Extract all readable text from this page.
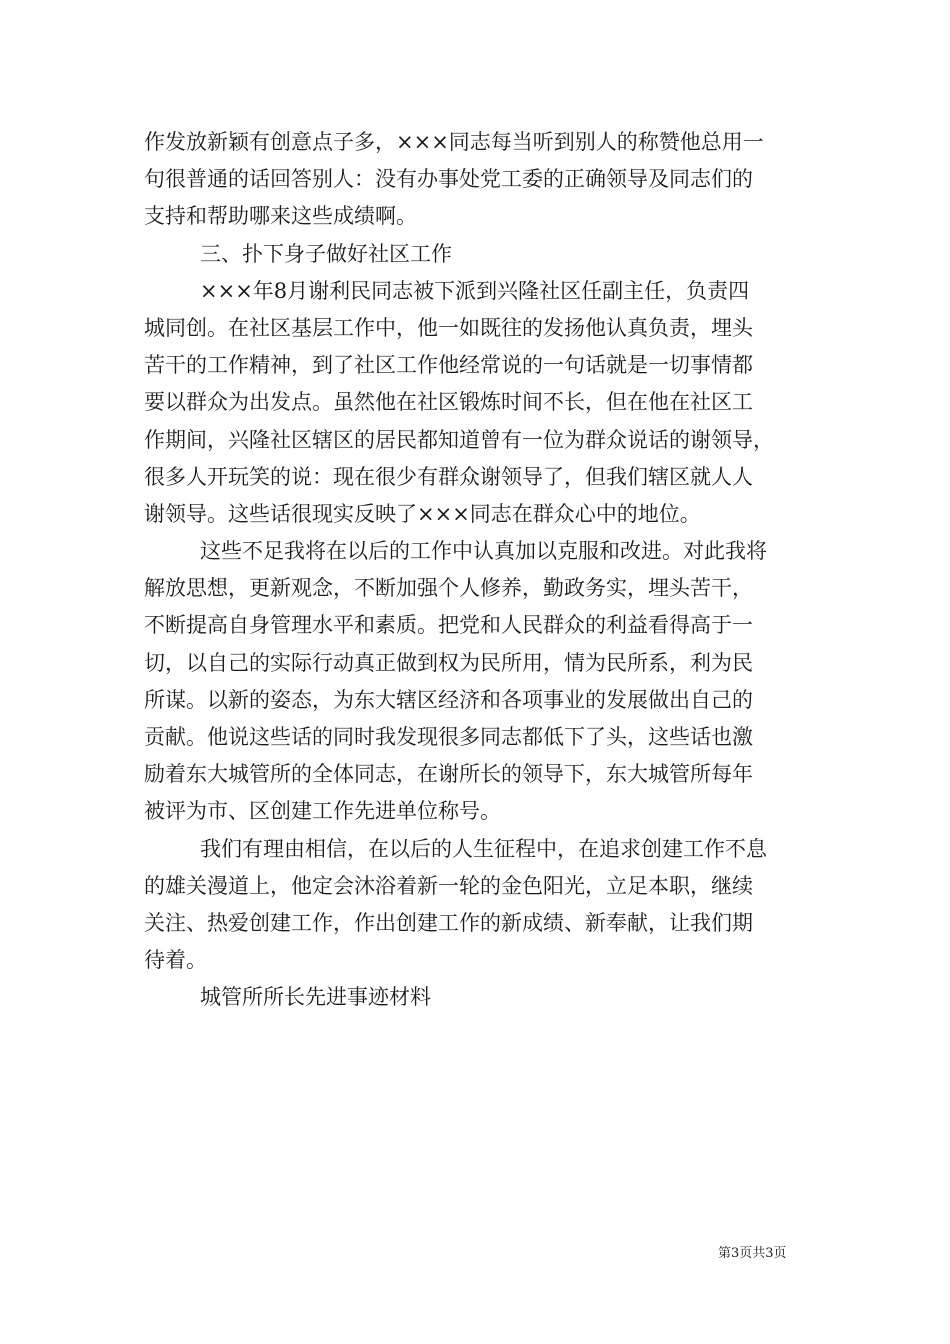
作发放新颖有创意点子多，×××同志每当听到别人的称赞他总用一

句很普通的话回答别人：没有办事处党工委的正确领导及同志们的

支持和帮助哪来这些成绩啊。

三、扑下身子做好社区工作

×××年8月谢利民同志被下派到兴隆社区任副主任，负责四

城同创。在社区基层工作中，他一如既往的发扬他认真负责，埋头

苦干的工作精神，到了社区工作他经常说的一句话就是一切事情都

要以群众为出发点。虽然他在社区锻炼时间不长，但在他在社区工

作期间，兴隆社区辖区的居民都知道曾有一位为群众说话的谢领导，

很多人开玩笑的说：现在很少有群众谢领导了，但我们辖区就人人

谢领导。这些话很现实反映了×××同志在群众心中的地位。

这些不足我将在以后的工作中认真加以克服和改进。对此我将

解放思想，更新观念，不断加强个人修养，勤政务实，埋头苦干，

不断提高自身管理水平和素质。把党和人民群众的利益看得高于一

切，以自己的实际行动真正做到权为民所用，情为民所系，利为民

所谋。以新的姿态，为东大辖区经济和各项事业的发展做出自己的

贡献。他说这些话的同时我发现很多同志都低下了头，这些话也激

励着东大城管所的全体同志，在谢所长的领导下，东大城管所每年

被评为市、区创建工作先进单位称号。

我们有理由相信，在以后的人生征程中，在追求创建工作不息

的雄关漫道上，他定会沐浴着新一轮的金色阳光，立足本职，继续

关注、热爱创建工作，作出创建工作的新成绩、新奉献，让我们期

待着。

城管所所长先进事迹材料

第3页共3页
